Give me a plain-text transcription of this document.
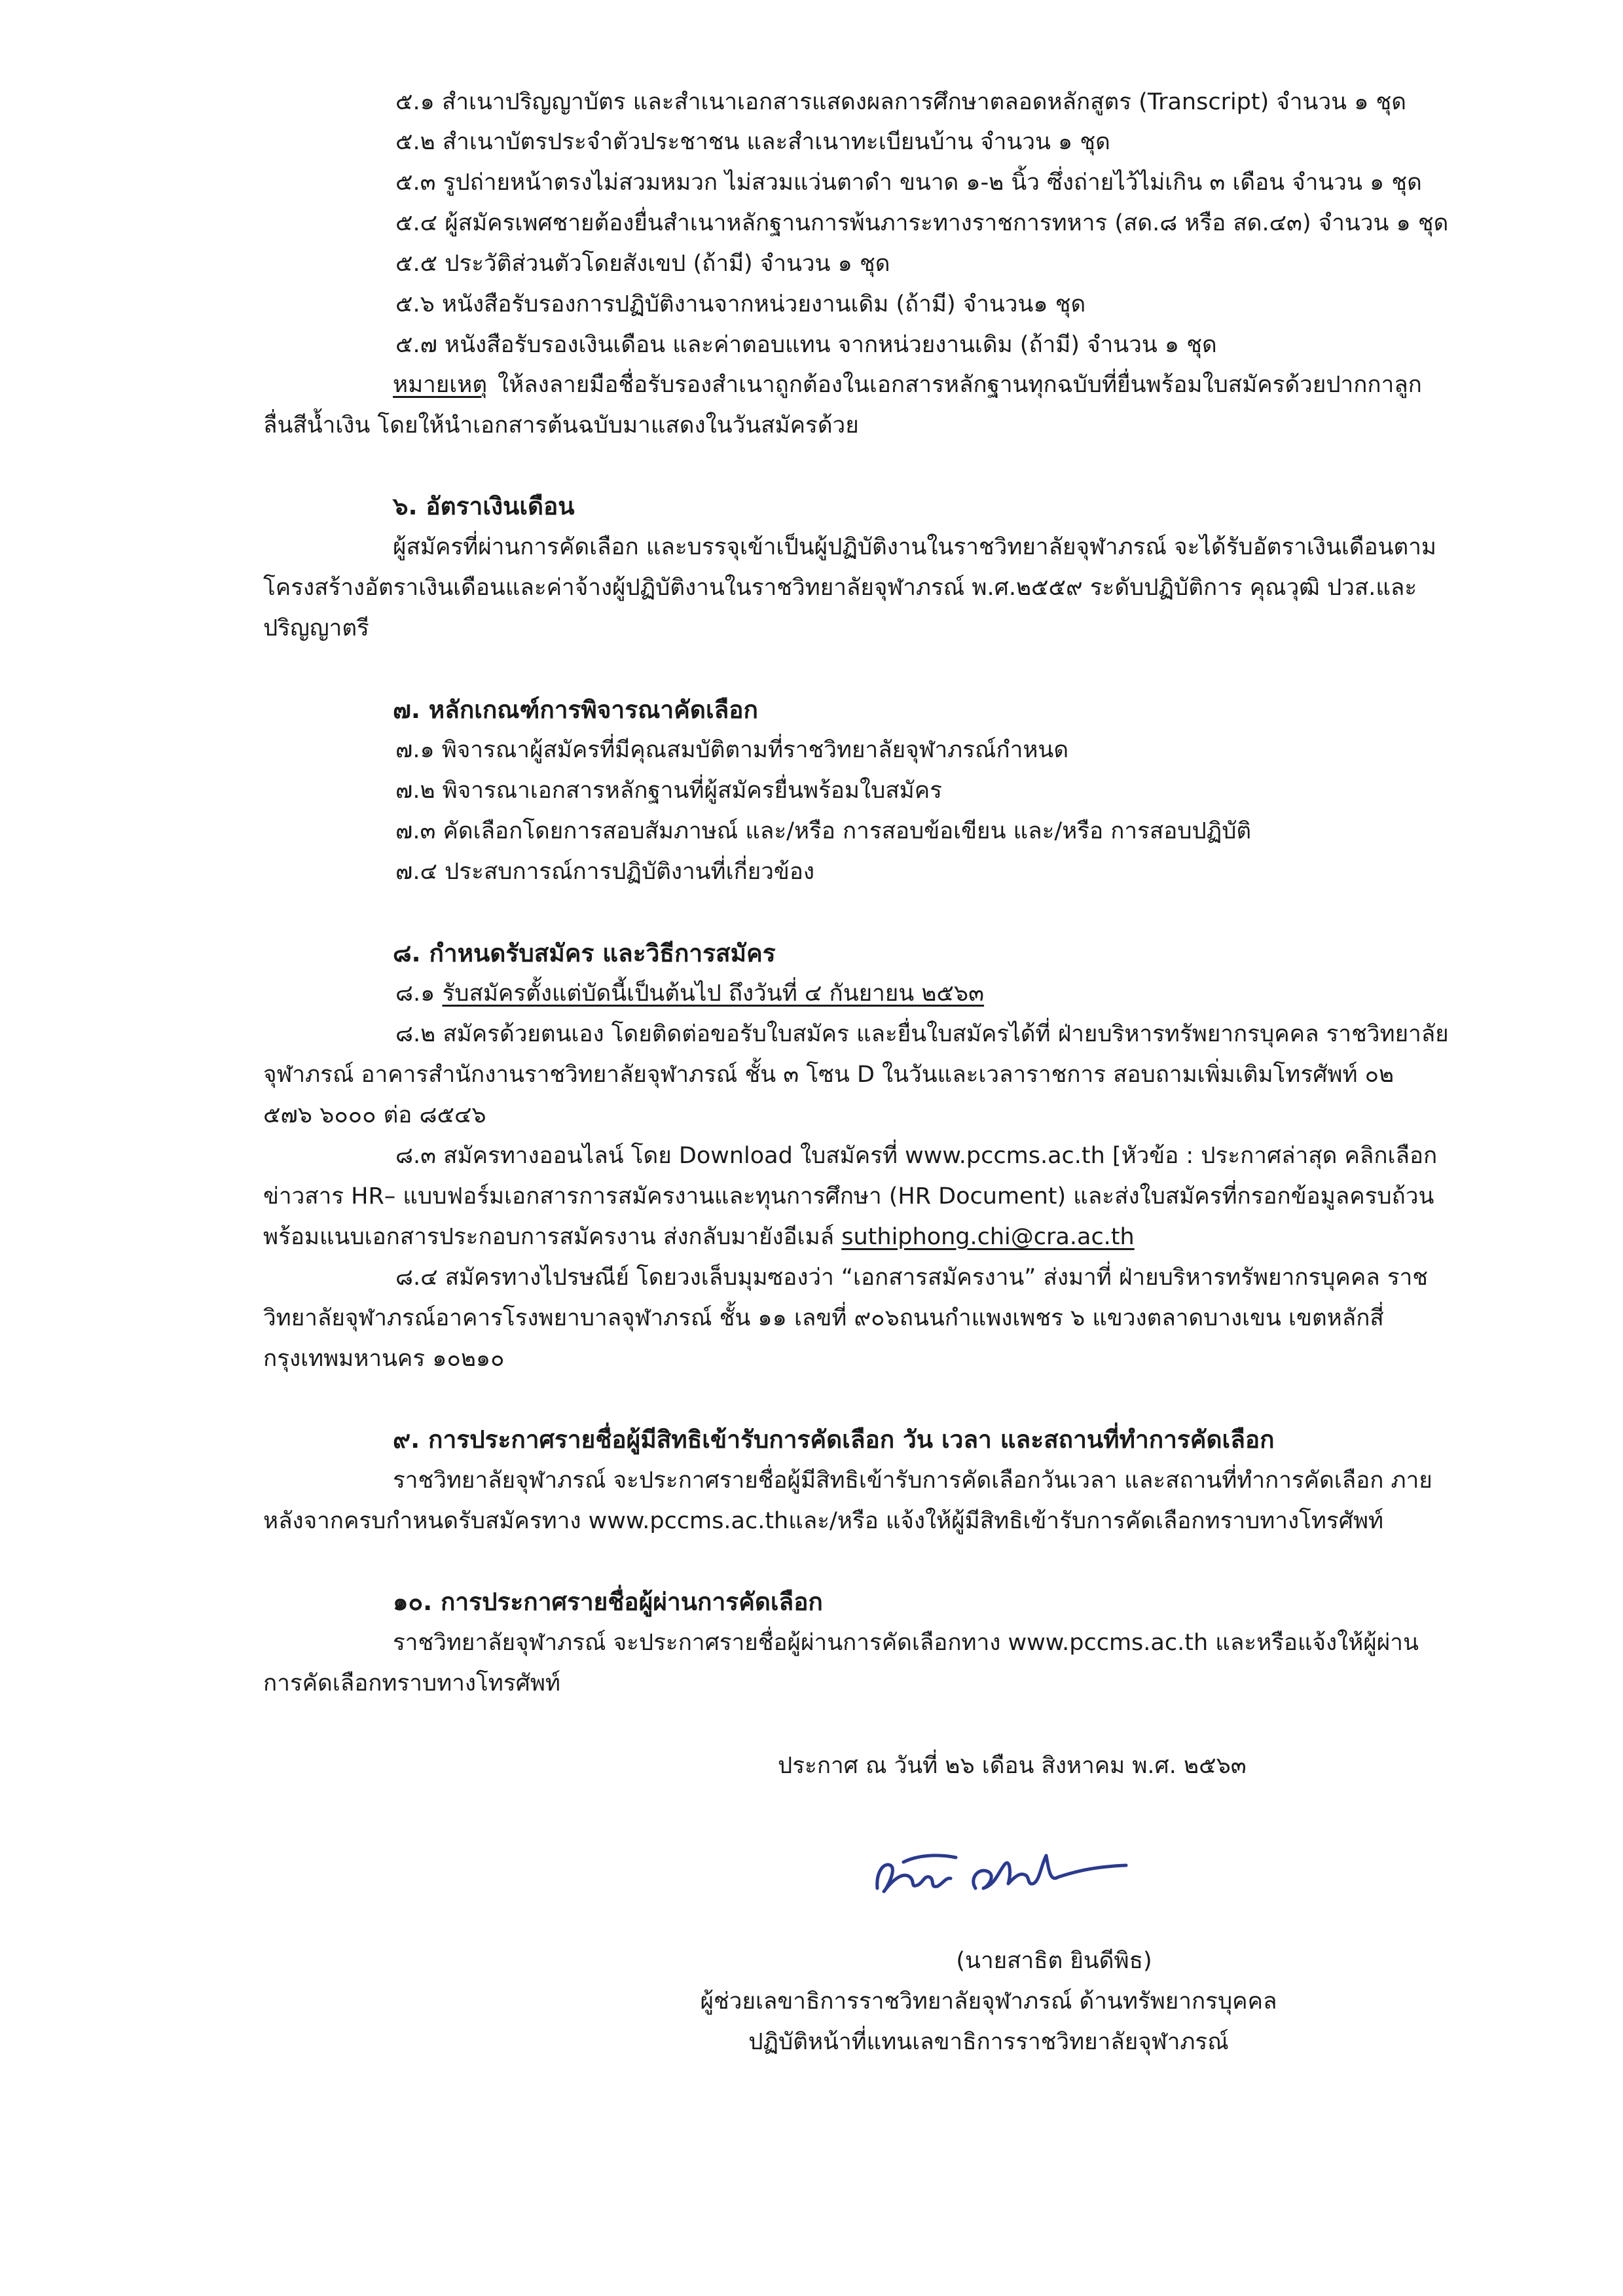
๕.๑ สำเนาปริญญาบัตร และสำเนาเอกสารแสดงผลการศึกษาตลอดหลักสูตร (Transcript) จำนวน ๑ ชุด
๕.๒ สำเนาบัตรประจำตัวประชาชน และสำเนาทะเบียนบ้าน จำนวน ๑ ชุด
๕.๓ รูปถ่ายหน้าตรงไม่สวมหมวก ไม่สวมแว่นตาดำ ขนาด ๑-๒ นิ้ว ซึ่งถ่ายไว้ไม่เกิน ๓ เดือน จำนวน ๑ ชุด
๕.๔ ผู้สมัครเพศชายต้องยื่นสำเนาหลักฐานการพ้นภาระทางราชการทหาร (สด.๘ หรือ สด.๔๓) จำนวน ๑ ชุด
๕.๕ ประวัติส่วนตัวโดยสังเขป (ถ้ามี) จำนวน ๑ ชุด
๕.๖ หนังสือรับรองการปฏิบัติงานจากหน่วยงานเดิม (ถ้ามี) จำนวน๑ ชุด
๕.๗ หนังสือรับรองเงินเดือน และค่าตอบแทน จากหน่วยงานเดิม (ถ้ามี) จำนวน ๑ ชุด
หมายเหตุ ให้ลงลายมือชื่อรับรองสำเนาถูกต้องในเอกสารหลักฐานทุกฉบับที่ยื่นพร้อมใบสมัครด้วยปากกาลูก
ลื่นสีน้ำเงิน โดยให้นำเอกสารต้นฉบับมาแสดงในวันสมัครด้วย
๖. อัตราเงินเดือน
ผู้สมัครที่ผ่านการคัดเลือก และบรรจุเข้าเป็นผู้ปฏิบัติงานในราชวิทยาลัยจุฬาภรณ์ จะได้รับอัตราเงินเดือนตาม
โครงสร้างอัตราเงินเดือนและค่าจ้างผู้ปฏิบัติงานในราชวิทยาลัยจุฬาภรณ์ พ.ศ.๒๕๕๙ ระดับปฏิบัติการ คุณวุฒิ ปวส.และ
ปริญญาตรี
๗. หลักเกณฑ์การพิจารณาคัดเลือก
๗.๑ พิจารณาผู้สมัครที่มีคุณสมบัติตามที่ราชวิทยาลัยจุฬาภรณ์กำหนด
๗.๒ พิจารณาเอกสารหลักฐานที่ผู้สมัครยื่นพร้อมใบสมัคร
๗.๓ คัดเลือกโดยการสอบสัมภาษณ์ และ/หรือ การสอบข้อเขียน และ/หรือ การสอบปฏิบัติ
๗.๔ ประสบการณ์การปฏิบัติงานที่เกี่ยวข้อง
๘. กำหนดรับสมัคร และวิธีการสมัคร
๘.๑ รับสมัครตั้งแต่บัดนี้เป็นต้นไป ถึงวันที่ ๔ กันยายน ๒๕๖๓
๘.๒ สมัครด้วยตนเอง โดยติดต่อขอรับใบสมัคร และยื่นใบสมัครได้ที่ ฝ่ายบริหารทรัพยากรบุคคล ราชวิทยาลัย
จุฬาภรณ์ อาคารสำนักงานราชวิทยาลัยจุฬาภรณ์ ชั้น ๓ โซน D ในวันและเวลาราชการ สอบถามเพิ่มเติมโทรศัพท์ ๐๒
๕๗๖ ๖๐๐๐ ต่อ ๘๕๔๖
๘.๓ สมัครทางออนไลน์ โดย Download ใบสมัครที่ www.pccms.ac.th [หัวข้อ : ประกาศล่าสุด คลิกเลือก
ข่าวสาร HR– แบบฟอร์มเอกสารการสมัครงานและทุนการศึกษา (HR Document) และส่งใบสมัครที่กรอกข้อมูลครบถ้วน
พร้อมแนบเอกสารประกอบการสมัครงาน ส่งกลับมายังอีเมล์ suthiphong.chi@cra.ac.th
๘.๔ สมัครทางไปรษณีย์ โดยวงเล็บมุมซองว่า “เอกสารสมัครงาน” ส่งมาที่ ฝ่ายบริหารทรัพยากรบุคคล ราช
วิทยาลัยจุฬาภรณ์อาคารโรงพยาบาลจุฬาภรณ์ ชั้น ๑๑ เลขที่ ๙๐๖ถนนกำแพงเพชร ๖ แขวงตลาดบางเขน เขตหลักสี่
กรุงเทพมหานคร ๑๐๒๑๐
๙. การประกาศรายชื่อผู้มีสิทธิเข้ารับการคัดเลือก วัน เวลา และสถานที่ทำการคัดเลือก
ราชวิทยาลัยจุฬาภรณ์ จะประกาศรายชื่อผู้มีสิทธิเข้ารับการคัดเลือกวันเวลา และสถานที่ทำการคัดเลือก ภาย
หลังจากครบกำหนดรับสมัครทาง www.pccms.ac.thและ/หรือ แจ้งให้ผู้มีสิทธิเข้ารับการคัดเลือกทราบทางโทรศัพท์
๑๐. การประกาศรายชื่อผู้ผ่านการคัดเลือก
ราชวิทยาลัยจุฬาภรณ์ จะประกาศรายชื่อผู้ผ่านการคัดเลือกทาง www.pccms.ac.th และหรือแจ้งให้ผู้ผ่าน
การคัดเลือกทราบทางโทรศัพท์
ประกาศ ณ วันที่ ๒๖ เดือน สิงหาคม พ.ศ. ๒๕๖๓
(นายสาธิต ยินดีพิธ)
ผู้ช่วยเลขาธิการราชวิทยาลัยจุฬาภรณ์ ด้านทรัพยากรบุคคล
ปฏิบัติหน้าที่แทนเลขาธิการราชวิทยาลัยจุฬาภรณ์
